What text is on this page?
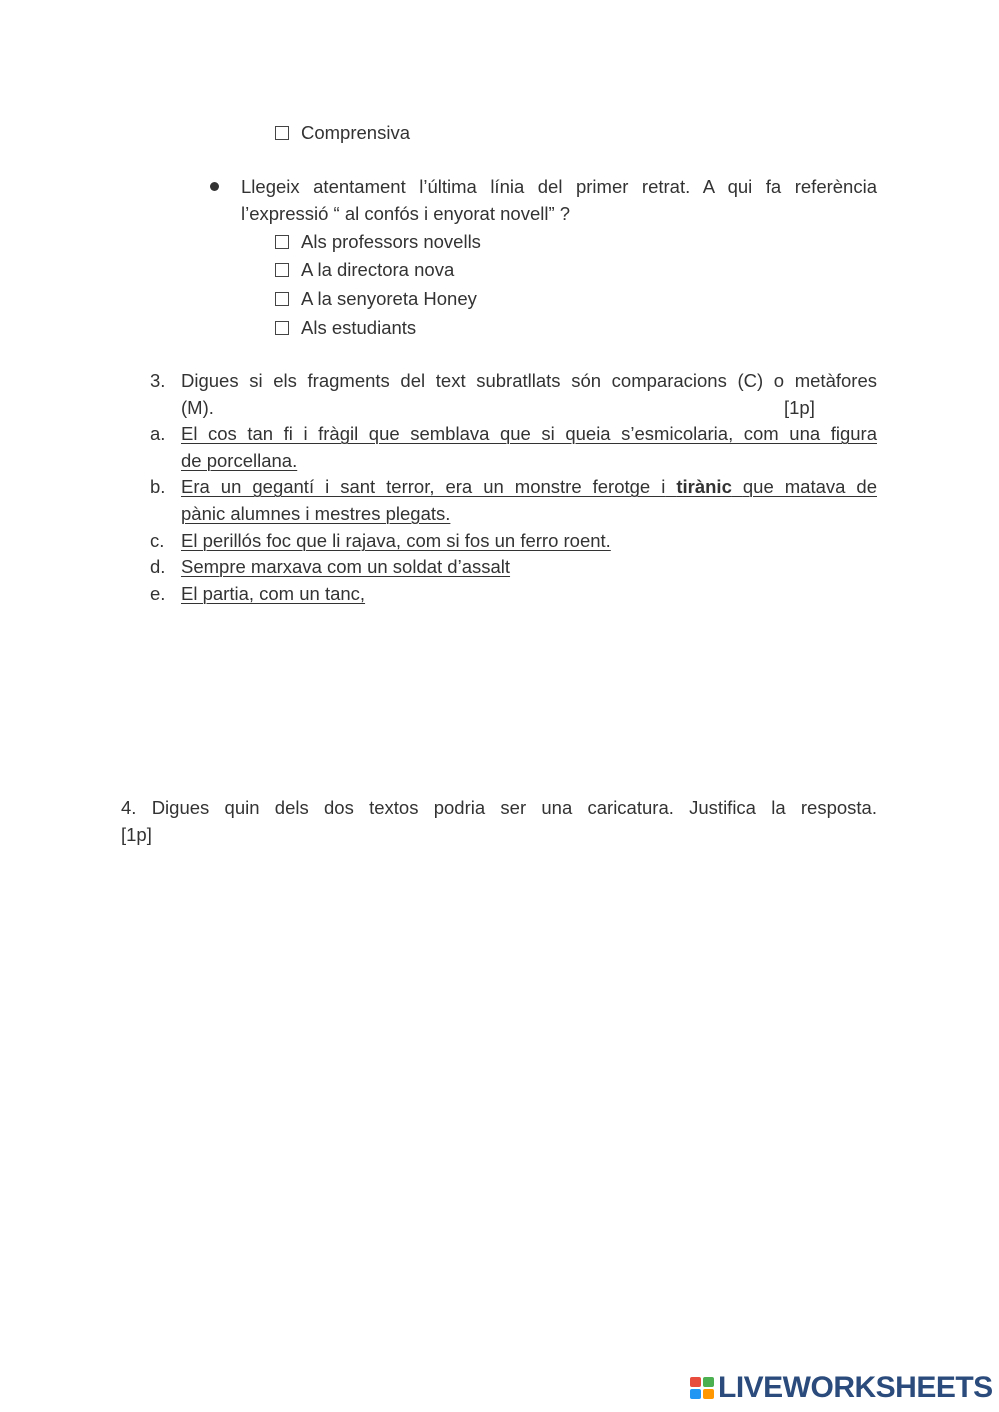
Comprensiva
Llegeix atentament l’última línia del primer retrat. A qui fa referència
l’expressió “ al confós i enyorat novell” ?
Als professors novells
A la directora nova
A la senyoreta Honey
Als estudiants
3. Digues si els fragments del text subratllats són comparacions (C) o metàfores
(M).	[1p]
a. El cos tan fi i fràgil que semblava que si queia s’esmicolaria, com una figura
de porcellana.
b. Era un gegantí i sant terror, era un monstre ferotge i tirànic que matava de
pànic alumnes i mestres plegats.
c. El perillós foc que li rajava, com si fos un ferro roent.
d. Sempre marxava com un soldat d’assalt
e. El partia, com un tanc,
4. Digues quin dels dos textos podria ser una caricatura. Justifica la resposta.
[1p]
LIVEWORKSHEETS
